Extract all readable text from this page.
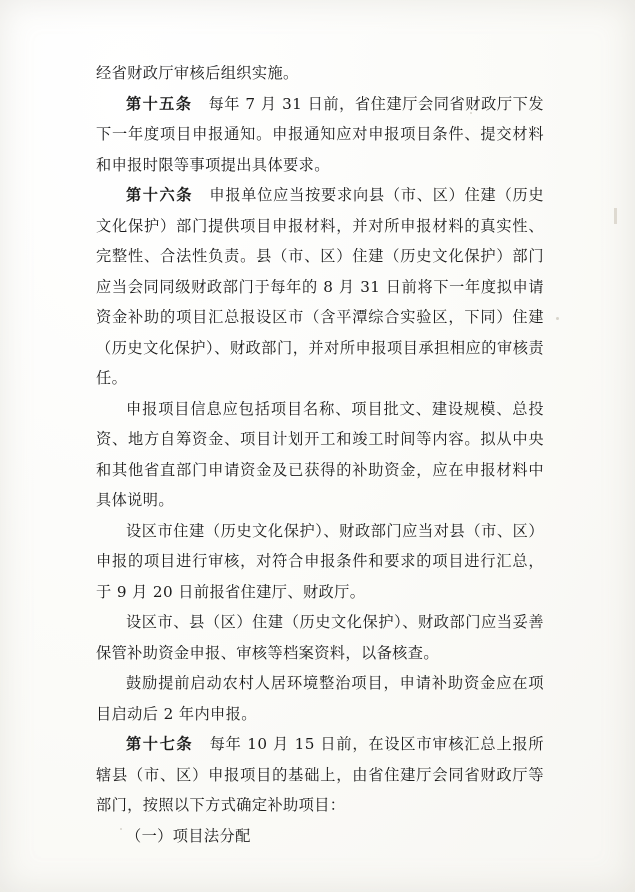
经省财政厅审核后组织实施。

第十五条 每年 7 月 31 日前，省住建厅会同省财政厅下发下一年度项目申报通知。申报通知应对申报项目条件、提交材料和申报时限等事项提出具体要求。

第十六条 申报单位应当按要求向县（市、区）住建（历史文化保护）部门提供项目申报材料，并对所申报材料的真实性、完整性、合法性负责。县（市、区）住建（历史文化保护）部门应当会同同级财政部门于每年的 8 月 31 日前将下一年度拟申请资金补助的项目汇总报设区市（含平潭综合实验区，下同）住建（历史文化保护）、财政部门，并对所申报项目承担相应的审核责任。

申报项目信息应包括项目名称、项目批文、建设规模、总投资、地方自筹资金、项目计划开工和竣工时间等内容。拟从中央和其他省直部门申请资金及已获得的补助资金，应在申报材料中具体说明。

设区市住建（历史文化保护）、财政部门应当对县（市、区）申报的项目进行审核，对符合申报条件和要求的项目进行汇总，于 9 月 20 日前报省住建厅、财政厅。

设区市、县（区）住建（历史文化保护）、财政部门应当妥善保管补助资金申报、审核等档案资料，以备核查。

鼓励提前启动农村人居环境整治项目，申请补助资金应在项目启动后 2 年内申报。

第十七条 每年 10 月 15 日前，在设区市审核汇总上报所辖县（市、区）申报项目的基础上，由省住建厅会同省财政厅等部门，按照以下方式确定补助项目：

（一）项目法分配
